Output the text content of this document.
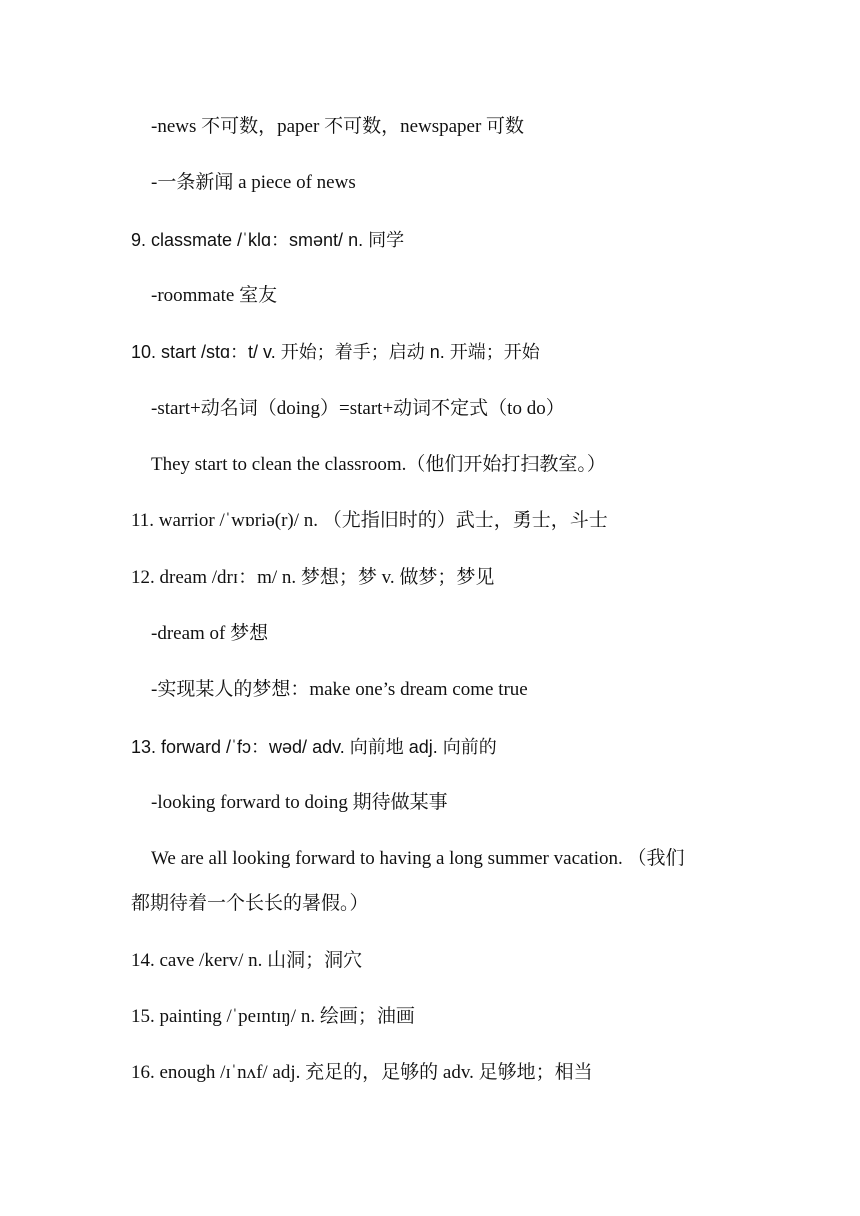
-news 不可数，paper 不可数，newspaper 可数
-一条新闻 a piece of news
9. classmate /ˈklɑ：smənt/ n. 同学
-roommate 室友
10. start /stɑ：t/ v. 开始；着手；启动 n. 开端；开始
-start+动名词（doing）=start+动词不定式（to do）
They start to clean the classroom.（他们开始打扫教室。）
11. warrior /ˈwɒriə(r)/ n. （尤指旧时的）武士，勇士，斗士
12. dream /drɪ：m/ n. 梦想；梦 v. 做梦；梦见
-dream of 梦想
-实现某人的梦想：make one’s dream come true
13. forward /ˈfɔ：wəd/ adv. 向前地 adj. 向前的
-looking forward to doing 期待做某事
We are all looking forward to having a long summer vacation. （我们
都期待着一个长长的暑假。）
14. cave /kerv/ n. 山洞；洞穴
15. painting /ˈpeɪntɪŋ/ n. 绘画；油画
16. enough /ɪˈnʌf/ adj. 充足的，足够的 adv. 足够地；相当
